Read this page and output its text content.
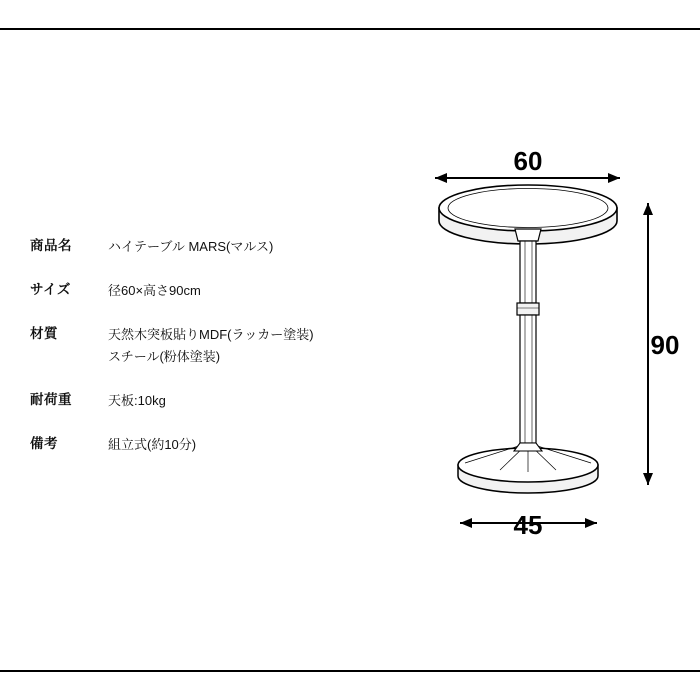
商品名	ハイテーブル MARS(マルス)
サイズ	径60×高さ90cm
材質	天然木突板貼りMDF(ラッカー塗装)
スチール(粉体塗装)
耐荷重	天板:10kg
備考	組立式(約10分)
60
90
45
